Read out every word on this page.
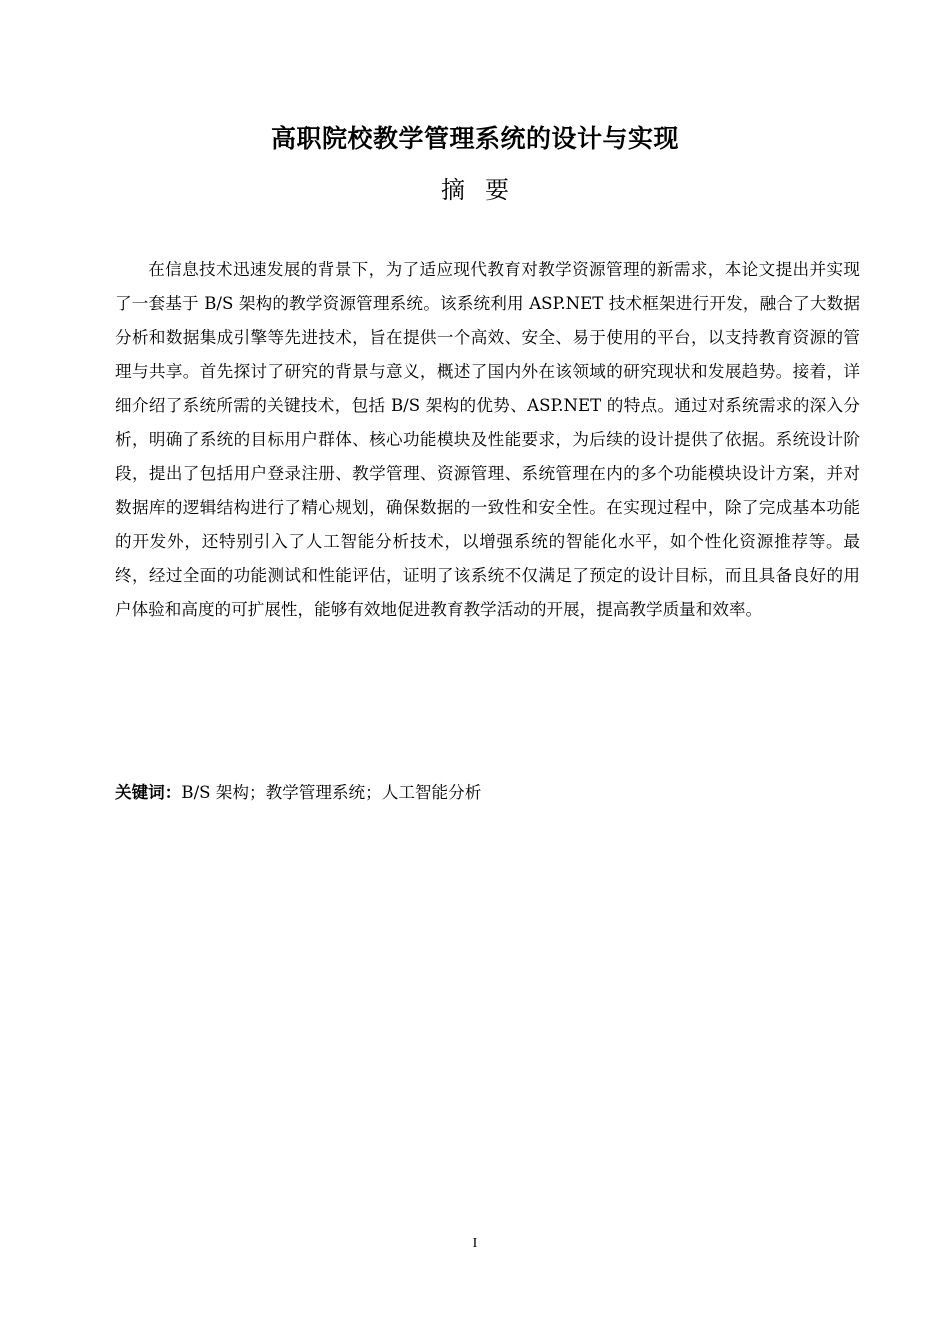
高职院校教学管理系统的设计与实现
摘要

在信息技术迅速发展的背景下，为了适应现代教育对教学资源管理的新需求，本论文提出并实现了一套基于 B/S 架构的教学资源管理系统。该系统利用 ASP.NET 技术框架进行开发，融合了大数据分析和数据集成引擎等先进技术，旨在提供一个高效、安全、易于使用的平台，以支持教育资源的管理与共享。首先探讨了研究的背景与意义，概述了国内外在该领域的研究现状和发展趋势。接着，详细介绍了系统所需的关键技术，包括 B/S 架构的优势、ASP.NET 的特点。通过对系统需求的深入分析，明确了系统的目标用户群体、核心功能模块及性能要求，为后续的设计提供了依据。系统设计阶段，提出了包括用户登录注册、教学管理、资源管理、系统管理在内的多个功能模块设计方案，并对数据库的逻辑结构进行了精心规划，确保数据的一致性和安全性。在实现过程中，除了完成基本功能的开发外，还特别引入了人工智能分析技术，以增强系统的智能化水平，如个性化资源推荐等。最终，经过全面的功能测试和性能评估，证明了该系统不仅满足了预定的设计目标，而且具备良好的用户体验和高度的可扩展性，能够有效地促进教育教学活动的开展，提高教学质量和效率。

关键词：B/S 架构；教学管理系统；人工智能分析

I
